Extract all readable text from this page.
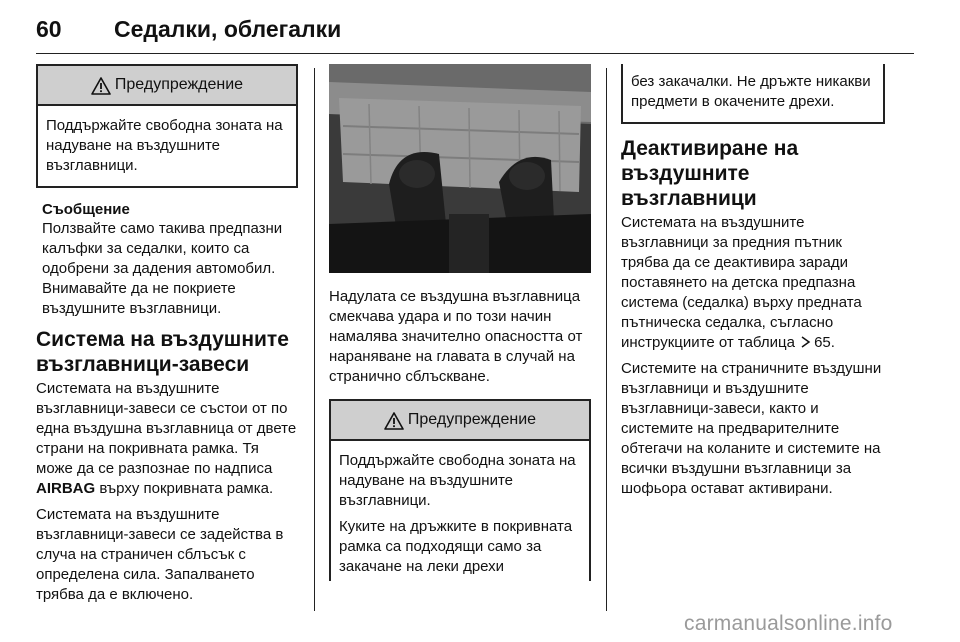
60 Седалки, облегалки
Предупреждение

Поддържайте свободна зоната на надуване на въздушните възглавници.

Съобщение
Ползвайте само такива предпазни калъфки за седалки, които са одобрени за дадения автомобил. Внимавайте да не покриете въздушните възглавници.
Система на въздушните възглавници-завеси

Системата на въздушните възглавници-завеси се състои от по една въздушна възглавница от двете страни на покривната рамка. Тя може да се разпознае по надписа AIRBAG върху покривната рамка.

Системата на въздушните възглавници-завеси се задейства в случа на страничен сблъсък с определена сила. Запалването трябва да е включено.

Надулата се въздушна възглавница смекчава удара и по този начин намалява значително опасността от нараняване на главата в случай на странично сблъскване.

Предупреждение

Поддържайте свободна зоната на надуване на въздушните възглавници.

Куките на дръжките в покривната рамка са подходящи само за закачане на леки дрехи

без закачалки. Не дръжте никакви предмети в окачените дрехи.

Деактивиране на въздушните възглавници

Системата на въздушните възглавници за предния пътник трябва да се деактивира заради поставянето на детска предпазна система (седалка) върху предната пътническа седалка, съгласно инструкциите от таблица 65.

Системите на страничните въздушни възглавници и въздушните възглавници-завеси, както и системите на предварителните обтегачи на коланите и системите на всички въздушни възглавници за шофьора остават активирани.

carmanualsonline.info
